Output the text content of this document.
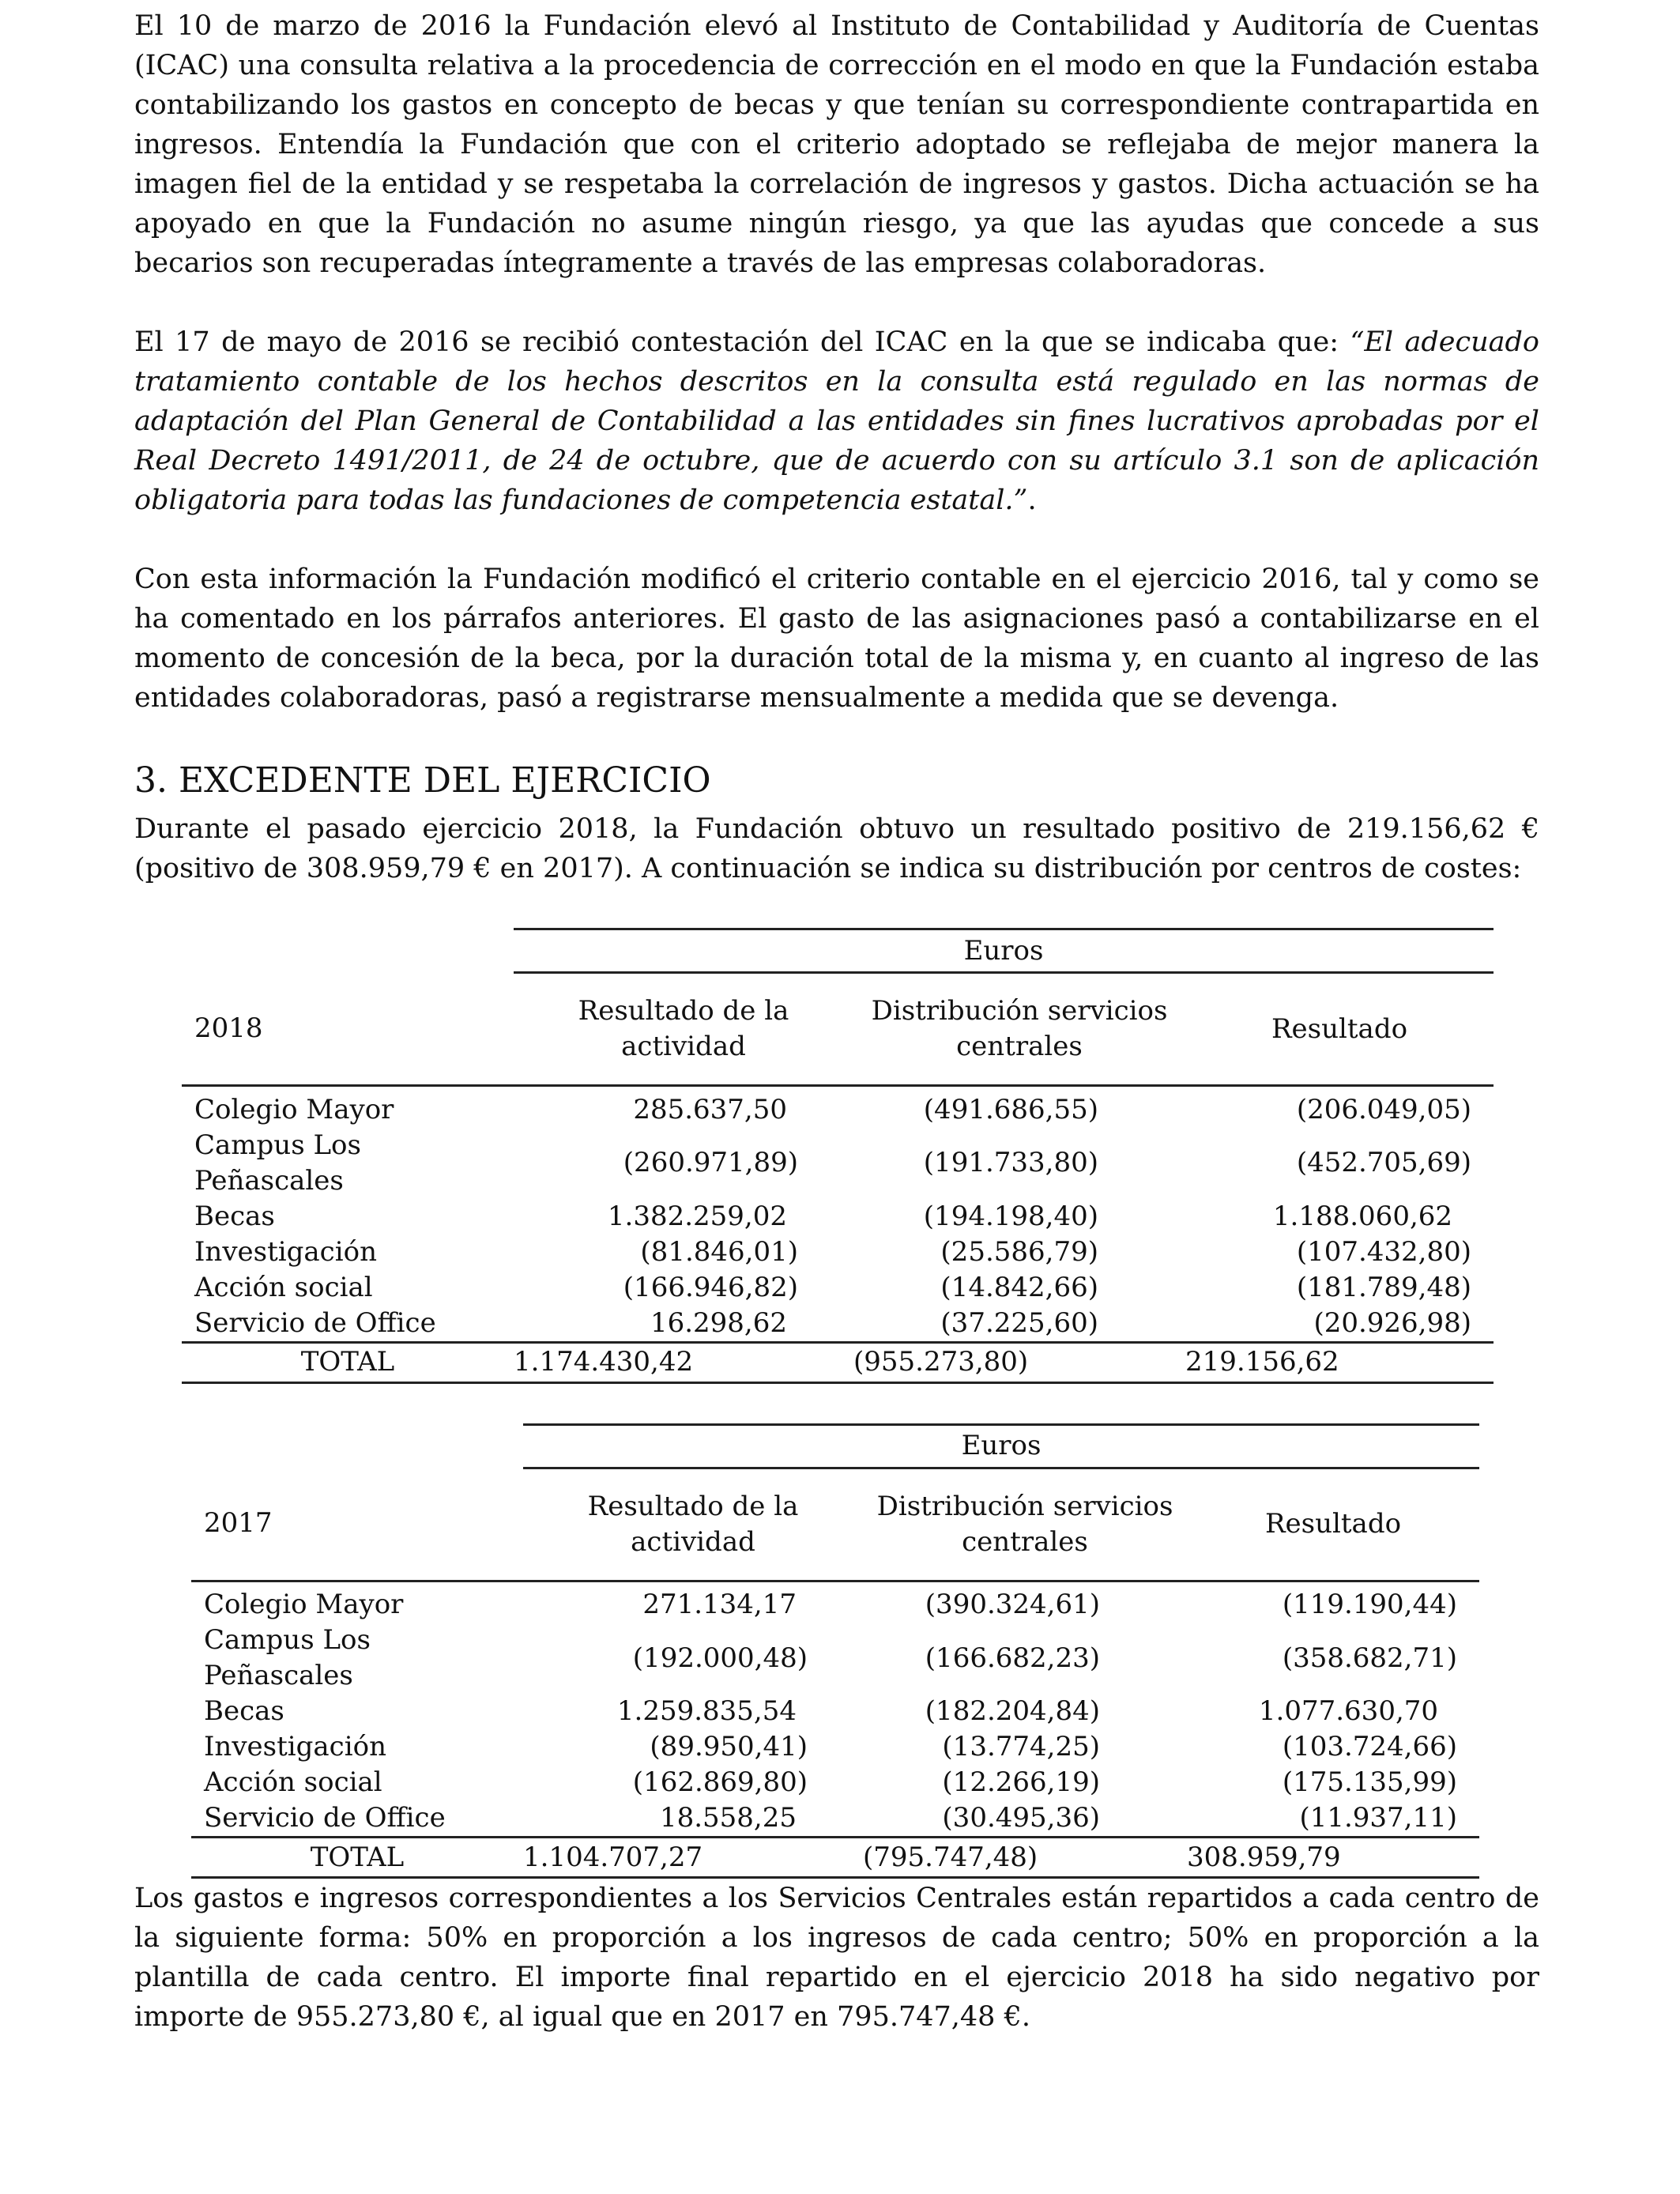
El 10 de marzo de 2016 la Fundación elevó al Instituto de Contabilidad y Auditoría de Cuentas (ICAC) una consulta relativa a la procedencia de corrección en el modo en que la Fundación estaba contabilizando los gastos en concepto de becas y que tenían su correspondiente contrapartida en ingresos. Entendía la Fundación que con el criterio adoptado se reflejaba de mejor manera la imagen fiel de la entidad y se respetaba la correlación de ingresos y gastos. Dicha actuación se ha apoyado en que la Fundación no asume ningún riesgo, ya que las ayudas que concede a sus becarios son recuperadas íntegramente a través de las empresas colaboradoras.

El 17 de mayo de 2016 se recibió contestación del ICAC en la que se indicaba que: “El adecuado tratamiento contable de los hechos descritos en la consulta está regulado en las normas de adaptación del Plan General de Contabilidad a las entidades sin fines lucrativos aprobadas por el Real Decreto 1491/2011, de 24 de octubre, que de acuerdo con su artículo 3.1 son de aplicación obligatoria para todas las fundaciones de competencia estatal.”.

Con esta información la Fundación modificó el criterio contable en el ejercicio 2016, tal y como se ha comentado en los párrafos anteriores. El gasto de las asignaciones pasó a contabilizarse en el momento de concesión de la beca, por la duración total de la misma y, en cuanto al ingreso de las entidades colaboradoras, pasó a registrarse mensualmente a medida que se devenga.

3. EXCEDENTE DEL EJERCICIO

Durante el pasado ejercicio 2018, la Fundación obtuvo un resultado positivo de 219.156,62 € (positivo de 308.959,79 € en 2017). A continuación se indica su distribución por centros de costes:

	Euros		
2018	Resultado de la actividad	Distribución servicios centrales	Resultado

Colegio Mayor	285.637,50	(491.686,55)	(206.049,05)
Campus Los Peñascales	(260.971,89)	(191.733,80)	(452.705,69)
Becas	1.382.259,02	(194.198,40)	1.188.060,62
Investigación	(81.846,01)	(25.586,79)	(107.432,80)
Acción social	(166.946,82)	(14.842,66)	(181.789,48)
Servicio de Office	16.298,62	(37.225,60)	(20.926,98)
TOTAL	1.174.430,42	(955.273,80)	219.156,62
	Euros		
2017	Resultado de la actividad	Distribución servicios centrales	Resultado

Colegio Mayor	271.134,17	(390.324,61)	(119.190,44)
Campus Los Peñascales	(192.000,48)	(166.682,23)	(358.682,71)
Becas	1.259.835,54	(182.204,84)	1.077.630,70
Investigación	(89.950,41)	(13.774,25)	(103.724,66)
Acción social	(162.869,80)	(12.266,19)	(175.135,99)
Servicio de Office	18.558,25	(30.495,36)	(11.937,11)
TOTAL	1.104.707,27	(795.747,48)	308.959,79

Los gastos e ingresos correspondientes a los Servicios Centrales están repartidos a cada centro de la siguiente forma: 50% en proporción a los ingresos de cada centro; 50% en proporción a la plantilla de cada centro. El importe final repartido en el ejercicio 2018 ha sido negativo por importe de 955.273,80 €, al igual que en 2017 en 795.747,48 €.
